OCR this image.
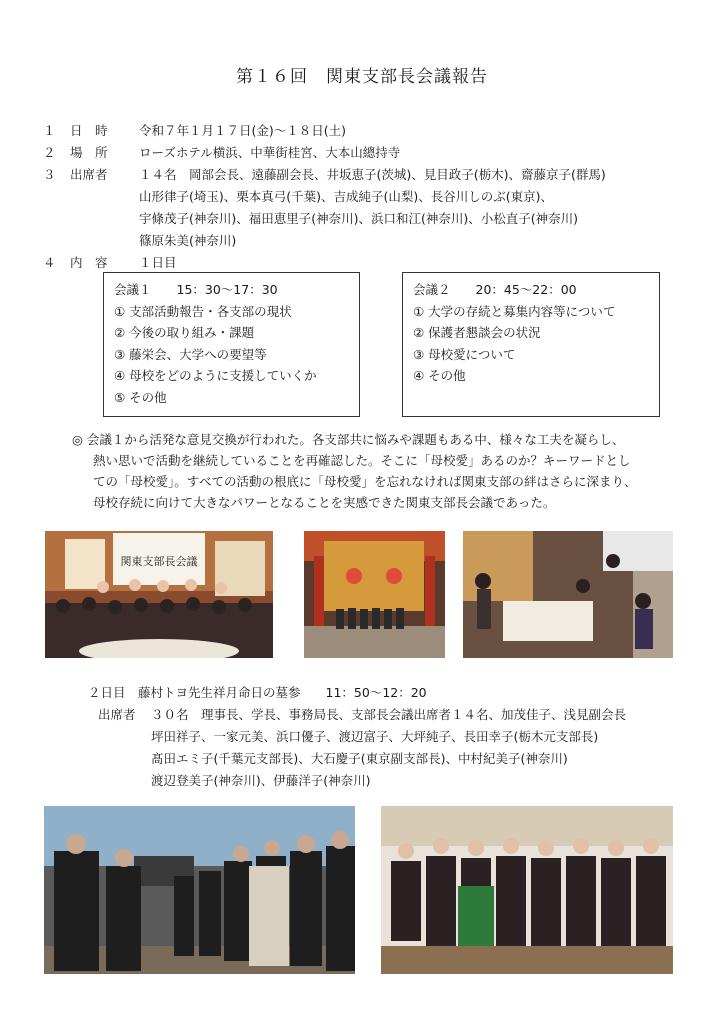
第１６回　関東支部長会議報告
１ 日　時	令和７年１月１７日(金)～１８日(土)
２ 場　所	ローズホテル横浜、中華街桂宮、大本山總持寺
３ 出席者	１４名　岡部会長、遠藤副会長、井坂恵子(茨城)、見目政子(栃木)、齋藤京子(群馬)
山形律子(埼玉)、栗本真弓(千葉)、吉成純子(山梨)、長谷川しのぶ(東京)、
宇條茂子(神奈川)、福田恵里子(神奈川)、浜口和江(神奈川)、小松直子(神奈川)
篠原朱美(神奈川)
４ 内　容	１日目
会議１　　15：30～17：30
① 支部活動報告・各支部の現状
② 今後の取り組み・課題
③ 藤栄会、大学への要望等
④ 母校をどのように支援していくか
⑤ その他
会議２　　20：45～22：00
① 大学の存続と募集内容等について
② 保護者懇談会の状況
③ 母校愛について
④ その他
◎ 会議１から活発な意見交換が行われた。各支部共に悩みや課題もある中、様々な工夫を凝らし、
熱い思いで活動を継続していることを再確認した。そこに「母校愛」あるのか？キーワードとし
ての「母校愛」。すべての活動の根底に「母校愛」を忘れなければ関東支部の絆はさらに深まり、
母校存続に向けて大きなパワーとなることを実感できた関東支部長会議であった。
関東支部長会議
２日目　藤村トヨ先生祥月命日の墓参　　11：50～12：20
出席者 ３０名　理事長、学長、事務局長、支部長会議出席者１４名、加茂佳子、浅見副会長
坪田祥子、一家元美、浜口優子、渡辺富子、大坪純子、長田幸子(栃木元支部長)
髙田エミ子(千葉元支部長)、大石慶子(東京副支部長)、中村紀美子(神奈川)
渡辺登美子(神奈川)、伊藤洋子(神奈川)
